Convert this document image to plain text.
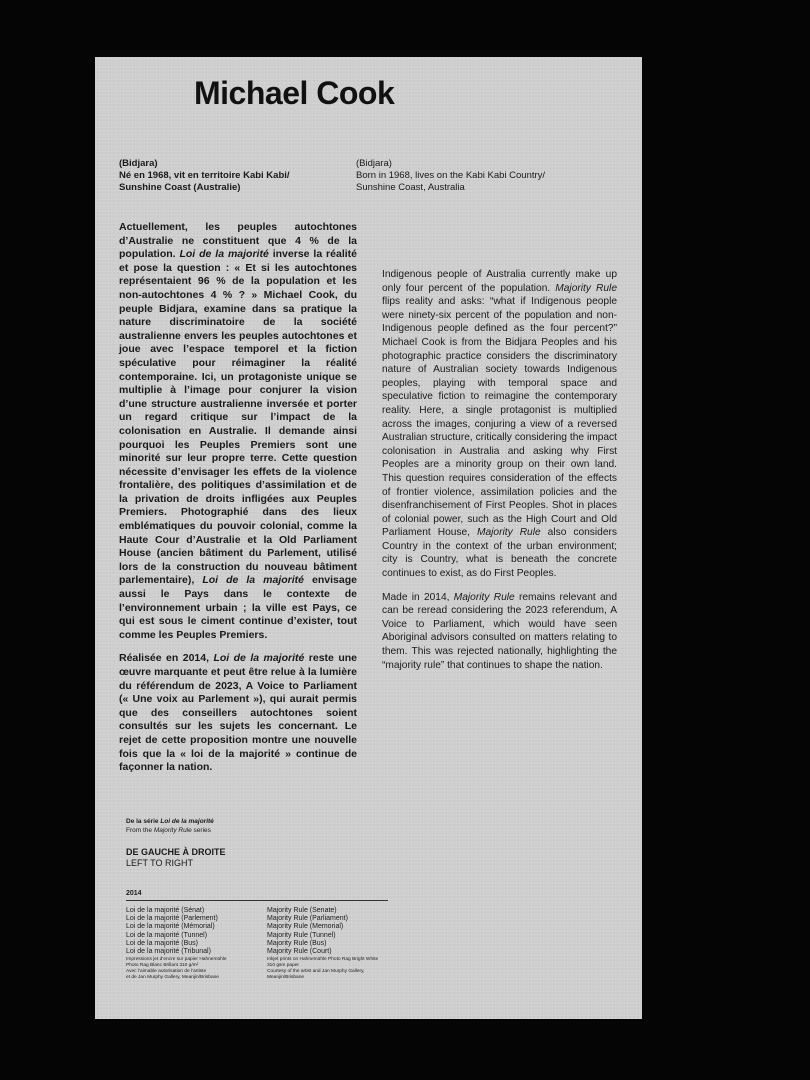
Michael Cook
(Bidjara)
Né en 1968, vit en territoire Kabi Kabi/
Sunshine Coast (Australie)
(Bidjara)
Born in 1968, lives on the Kabi Kabi Country/
Sunshine Coast, Australia

Actuellement, les peuples autochtones d’Australie ne constituent que 4 % de la population. Loi de la majorité inverse la réalité et pose la question : « Et si les autochtones représentaient 96 % de la population et les non-autochtones 4 % ? » Michael Cook, du peuple Bidjara, examine dans sa pratique la nature discriminatoire de la société australienne envers les peuples autochtones et joue avec l’espace temporel et la fiction spéculative pour réimaginer la réalité contemporaine. Ici, un protagoniste unique se multiplie à l’image pour conjurer la vision d’une structure australienne inversée et porter un regard critique sur l’impact de la colonisation en Australie. Il demande ainsi pourquoi les Peuples Premiers sont une minorité sur leur propre terre. Cette question nécessite d’envisager les effets de la violence frontalière, des politiques d’assimilation et de la privation de droits infligées aux Peuples Premiers. Photographié dans des lieux emblématiques du pouvoir colonial, comme la Haute Cour d’Australie et la Old Parliament House (ancien bâtiment du Parlement, utilisé lors de la construction du nouveau bâtiment parlementaire), Loi de la majorité envisage aussi le Pays dans le contexte de l’environnement urbain ; la ville est Pays, ce qui est sous le ciment continue d’exister, tout comme les Peuples Premiers.

Réalisée en 2014, Loi de la majorité reste une œuvre marquante et peut être relue à la lumière du référendum de 2023, A Voice to Parliament (« Une voix au Parlement »), qui aurait permis que des conseillers autochtones soient consultés sur les sujets les concernant. Le rejet de cette proposition montre une nouvelle fois que la « loi de la majorité » continue de façonner la nation.

Indigenous people of Australia currently make up only four percent of the population. Majority Rule flips reality and asks: “what if Indigenous people were ninety-six percent of the population and non-Indigenous people defined as the four percent?” Michael Cook is from the Bidjara Peoples and his photographic practice considers the discriminatory nature of Australian society towards Indigenous peoples, playing with temporal space and speculative fiction to reimagine the contemporary reality. Here, a single protagonist is multiplied across the images, conjuring a view of a reversed Australian structure, critically considering the impact colonisation in Australia and asking why First Peoples are a minority group on their own land. This question requires consideration of the effects of frontier violence, assimilation policies and the disenfranchisement of First Peoples. Shot in places of colonial power, such as the High Court and Old Parliament House, Majority Rule also considers Country in the context of the urban environment; city is Country, what is beneath the concrete continues to exist, as do First Peoples.

Made in 2014, Majority Rule remains relevant and can be reread considering the 2023 referendum, A Voice to Parliament, which would have seen Aboriginal advisors consulted on matters relating to them. This was rejected nationally, highlighting the “majority rule” that continues to shape the nation.

De la série Loi de la majorité
From the Majority Rule series
DE GAUCHE À DROITE
LEFT TO RIGHT
2014
Loi de la majorité (Sénat)
Loi de la majorité (Parlement)
Loi de la majorité (Mémorial)
Loi de la majorité (Tunnel)
Loi de la majorité (Bus)
Loi de la majorité (Tribunal)
Impressions jet d’encre sur papier Hahnemühle
Photo Rag Blanc Brillant 310 g/m²
Avec l’aimable autorisation de l’artiste
et de Jan Murphy Gallery, Meanjin/Brisbane
Majority Rule (Senate)
Majority Rule (Parliament)
Majority Rule (Memorial)
Majority Rule (Tunnel)
Majority Rule (Bus)
Majority Rule (Court)
Inkjet prints on Hahnemühle Photo Rag Bright White
310 gsm paper
Courtesy of the artist and Jan Murphy Gallery,
Meanjin/Brisbane
